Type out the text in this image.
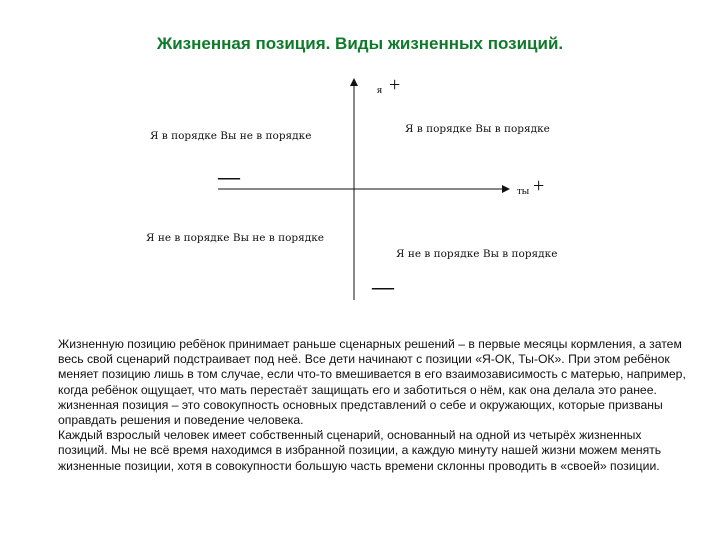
Жизненная позиция. Виды жизненных позиций.
я +
ты +
—
—
Я в порядке Вы не в порядке
Я в порядке Вы в порядке
Я не в порядке Вы не в порядке
Я не в порядке Вы в порядке

Жизненную позицию ребёнок принимает раньше сценарных решений – в первые месяцы кормления, а затем весь свой сценарий подстраивает под неё. Все дети начинают с позиции «Я-ОК, Ты-ОК». При этом ребёнок меняет позицию лишь в том случае, если что-то вмешивается в его взаимозависимость с матерью, например, когда ребёнок ощущает, что мать перестаёт защищать его и заботиться о нём, как она делала это ранее. жизненная позиция – это совокупность основных представлений о себе и окружающих, которые призваны оправдать решения и поведение человека.

Каждый взрослый человек имеет собственный сценарий, основанный на одной из четырёх жизненных позиций. Мы не всё время находимся в избранной позиции, а каждую минуту нашей жизни можем менять жизненные позиции, хотя в совокупности большую часть времени склонны проводить в «своей» позиции.
